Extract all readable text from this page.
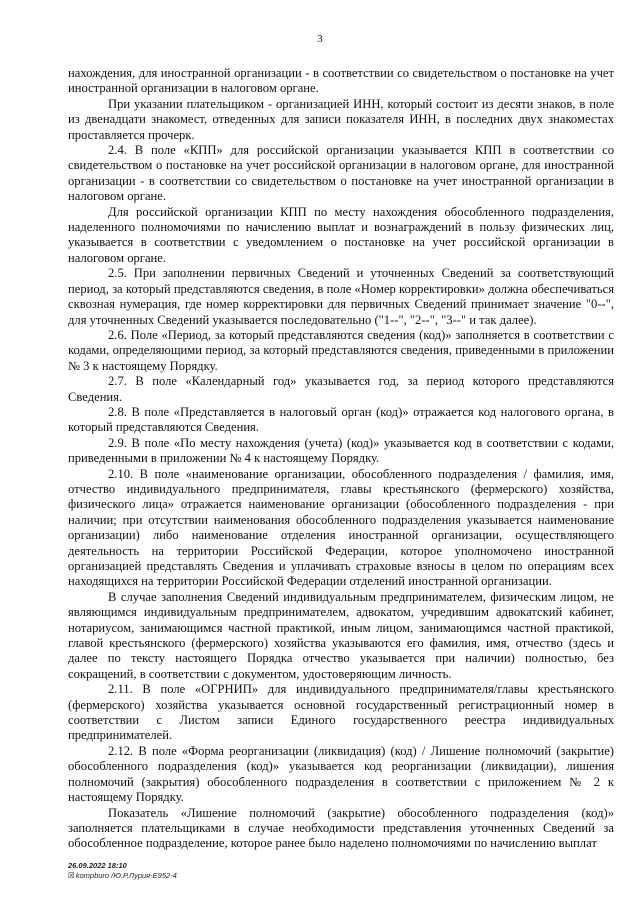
3

нахождения, для иностранной организации - в соответствии со свидетельством о постановке на учет иностранной организации в налоговом органе.

При указании плательщиком - организацией ИНН, который состоит из десяти знаков, в поле из двенадцати знакомест, отведенных для записи показателя ИНН, в последних двух знакоместах проставляется прочерк.

2.4. В поле «КПП» для российской организации указывается КПП в соответствии со свидетельством о постановке на учет российской организации в налоговом органе, для иностранной организации - в соответствии со свидетельством о постановке на учет иностранной организации в налоговом органе.

Для российской организации КПП по месту нахождения обособленного подразделения, наделенного полномочиями по начислению выплат и вознаграждений в пользу физических лиц, указывается в соответствии с уведомлением о постановке на учет российской организации в налоговом органе.

2.5. При заполнении первичных Сведений и уточненных Сведений за соответствующий период, за который представляются сведения, в поле «Номер корректировки» должна обеспечиваться сквозная нумерация, где номер корректировки для первичных Сведений принимает значение "0--", для уточненных Сведений указывается последовательно ("1--", "2--", "3--" и так далее).

2.6. Поле «Период, за который представляются сведения (код)» заполняется в соответствии с кодами, определяющими период, за который представляются сведения, приведенными в приложении № 3 к настоящему Порядку.

2.7. В поле «Календарный год» указывается год, за период которого представляются Сведения.

2.8. В поле «Представляется в налоговый орган (код)» отражается код налогового органа, в который представляются Сведения.

2.9. В поле «По месту нахождения (учета) (код)» указывается код в соответствии с кодами, приведенными в приложении № 4 к настоящему Порядку.

2.10. В поле «наименование организации, обособленного подразделения / фамилия, имя, отчество индивидуального предпринимателя, главы крестьянского (фермерского) хозяйства, физического лица» отражается наименование организации (обособленного подразделения - при наличии; при отсутствии наименования обособленного подразделения указывается наименование организации) либо наименование отделения иностранной организации, осуществляющего деятельность на территории Российской Федерации, которое уполномочено иностранной организацией представлять Сведения и уплачивать страховые взносы в целом по операциям всех находящихся на территории Российской Федерации отделений иностранной организации.

В случае заполнения Сведений индивидуальным предпринимателем, физическим лицом, не являющимся индивидуальным предпринимателем, адвокатом, учредившим адвокатский кабинет, нотариусом, занимающимся частной практикой, иным лицом, занимающимся частной практикой, главой крестьянского (фермерского) хозяйства указываются его фамилия, имя, отчество (здесь и далее по тексту настоящего Порядка отчество указывается при наличии) полностью, без сокращений, в соответствии с документом, удостоверяющим личность.

2.11. В поле «ОГРНИП» для индивидуального предпринимателя/главы крестьянского (фермерского) хозяйства указывается основной государственный регистрационный номер в соответствии с Листом записи Единого государственного реестра индивидуальных предпринимателей.

2.12. В поле «Форма реорганизации (ликвидация) (код) / Лишение полномочий (закрытие) обособленного подразделения (код)» указывается код реорганизации (ликвидации), лишения полномочий (закрытия) обособленного подразделения в соответствии с приложением № 2 к настоящему Порядку.

Показатель «Лишение полномочий (закрытие) обособленного подразделения (код)» заполняется плательщиками в случае необходимости представления уточненных Сведений за обособленное подразделение, которое ранее было наделено полномочиями по начислению выплат

26.09.2022 18:10
☒kompburo /Ю.Р.Лурия-Е952-4
